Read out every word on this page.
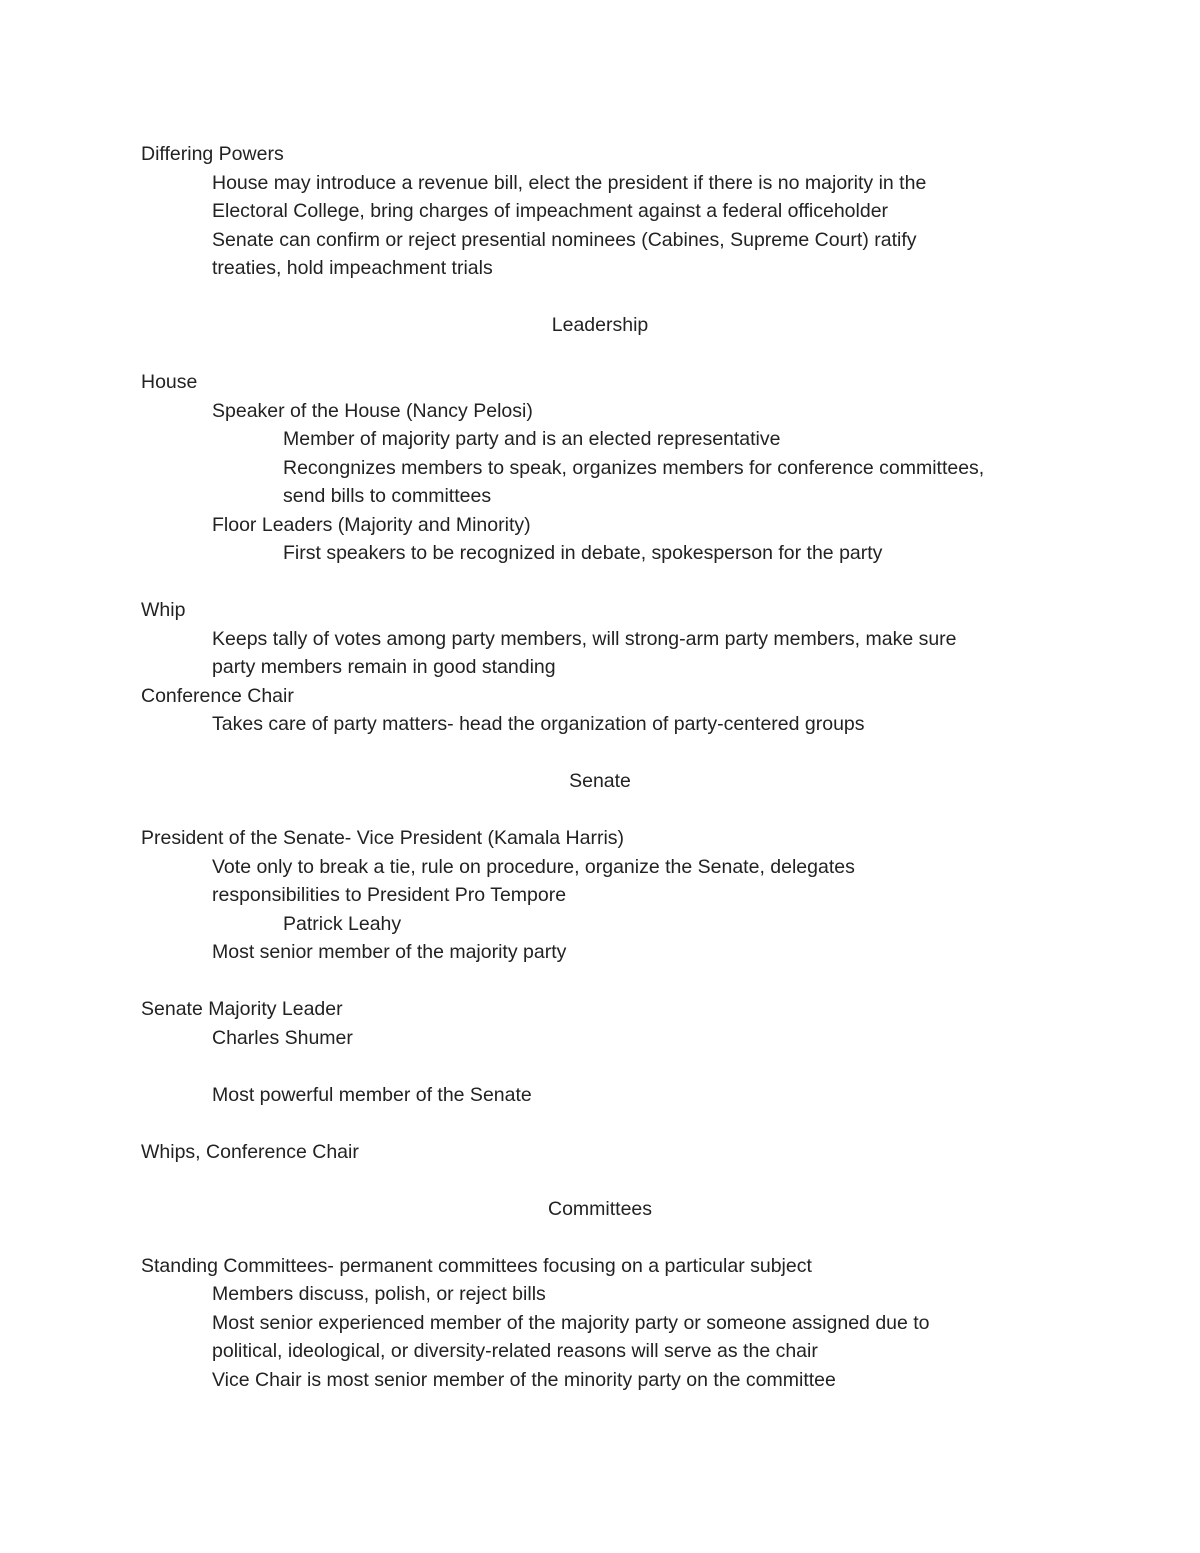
Differing Powers
House may introduce a revenue bill, elect the president if there is no majority in the
Electoral College, bring charges of impeachment against a federal officeholder
Senate can confirm or reject presential nominees (Cabines, Supreme Court) ratify
treaties, hold impeachment trials
Leadership
House
Speaker of the House (Nancy Pelosi)
Member of majority party and is an elected representative
Recongnizes members to speak, organizes members for conference committees,
send bills to committees
Floor Leaders (Majority and Minority)
First speakers to be recognized in debate, spokesperson for the party
Whip
Keeps tally of votes among party members, will strong-arm party members, make sure
party members remain in good standing
Conference Chair
Takes care of party matters- head the organization of party-centered groups
Senate
President of the Senate- Vice President (Kamala Harris)
Vote only to break a tie, rule on procedure, organize the Senate, delegates
responsibilities to President Pro Tempore
Patrick Leahy
Most senior member of the majority party
Senate Majority Leader
Charles Shumer
Most powerful member of the Senate
Whips, Conference Chair
Committees
Standing Committees- permanent committees focusing on a particular subject
Members discuss, polish, or reject bills
Most senior experienced member of the majority party or someone assigned due to
political, ideological, or diversity-related reasons will serve as the chair
Vice Chair is most senior member of the minority party on the committee
